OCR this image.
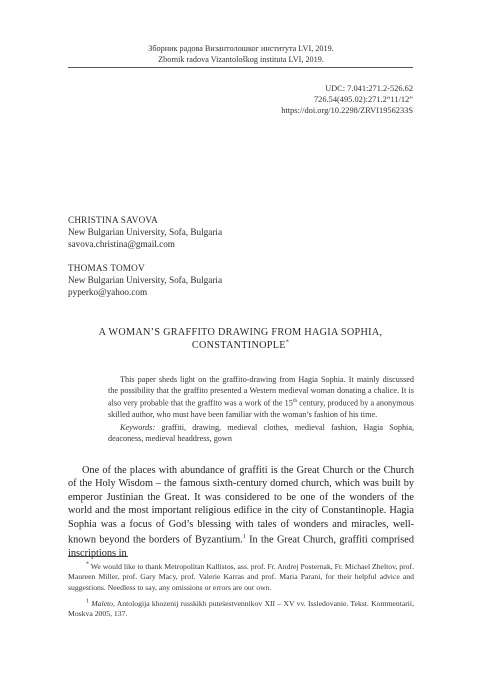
Зборник радова Византолошког института LVI, 2019.
Zbornik radova Vizantološkog instituta LVI, 2019.
UDC: 7.041:271.2-526.62
726.54(495.02):271.2“11/12”
https://doi.org/10.2298/ZRVI1956233S
CHRISTINA SAVOVA
New Bulgarian University, Sofa, Bulgaria
savova.christina@gmail.com
THOMAS TOMOV
New Bulgarian University, Sofa, Bulgaria
pyperko@yahoo.com
A WOMAN’S GRAFFITO DRAWING FROM HAGIA SOPHIA,
CONSTANTINOPLE*

This paper sheds light on the graffito-drawing from Hagia Sophia. It mainly discussed the possibility that the graffito presented a Western medieval woman donating a chalice. It is also very probable that the graffito was a work of the 15th century, produced by a anonymous skilled author, who must have been familiar with the woman’s fashion of his time.

Keywords: graffiti, drawing, medieval clothes, medieval fashion, Hagia Sophia, deaconess, medieval headdress, gown

One of the places with abundance of graffiti is the Great Church or the Church of the Holy Wisdom – the famous sixth-century domed church, which was built by emperor Justinian the Great. It was considered to be one of the wonders of the world and the most important religious edifice in the city of Constantinople. Hagia Sophia was a focus of God’s blessing with tales of wonders and miracles, well-known beyond the borders of Byzantium.$^1$ In the Great Church, graffiti comprised inscriptions in

* We would like to thank Metropolitan Kallistos, ass. prof. Fr. Andrej Posternak, Fr. Michael Zheltov, prof. Maureen Miller, prof. Gary Macy, prof. Valerie Karras and prof. Maria Parani, for their helpful advice and suggestions. Needless to say, any omissions or errors are our own.

$^1$ Malеto, Antologija khozenij russkikh puteśestvennikov XII – XV vv. Issledovanie. Tekst. Kommentarii, Moskva 2005, 137.
